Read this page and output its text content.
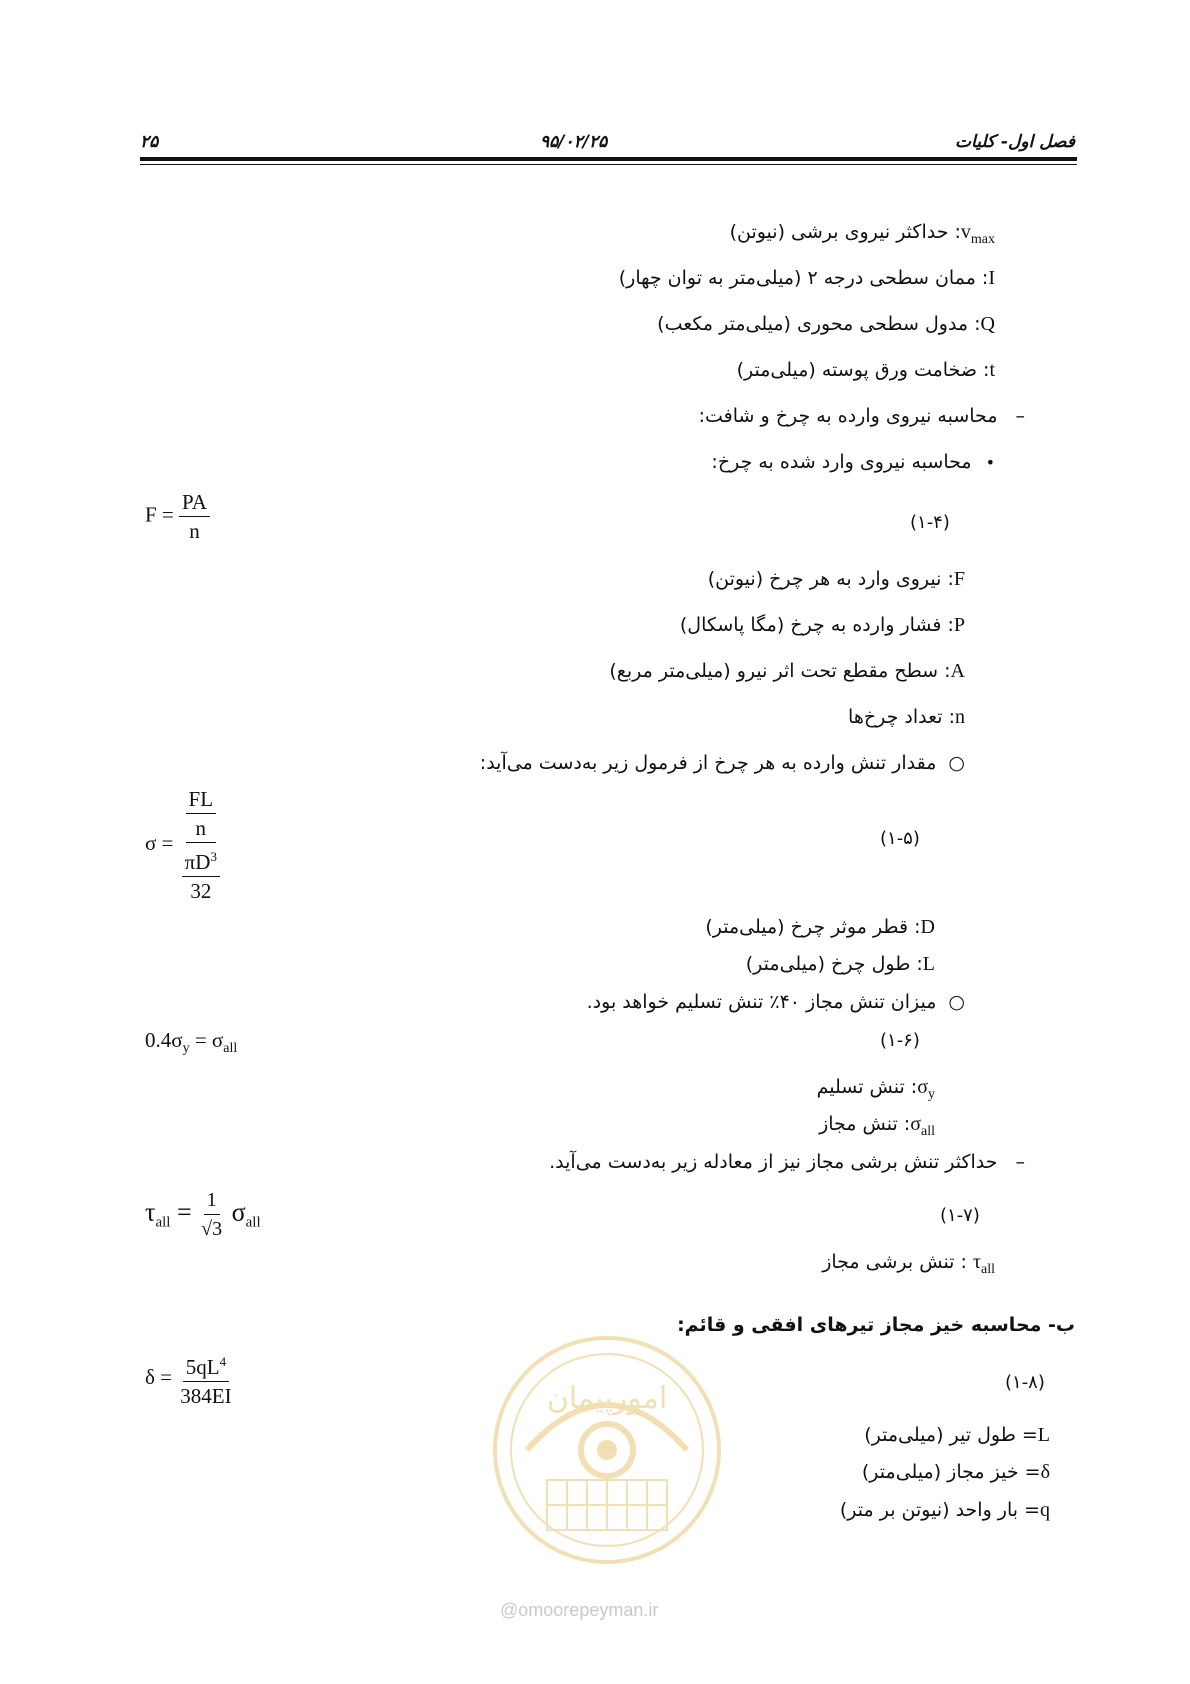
۲۵	۹۵/۰۲/۲۵	فصل اول- کلیات
$v_{max}$: حداکثر نیروی برشی (نیوتن)
I: ممان سطحی درجه ۲ (میلی‌متر به توان چهار)
Q: مدول سطحی محوری (میلی‌متر مکعب)
t: ضخامت ورق پوسته (میلی‌متر)
–محاسبه نیروی وارده به چرخ و شافت:
•محاسبه نیروی وارد شده به چرخ:
$F = \frac{PA}{n}$	(۱-۴)
F: نیروی وارد به هر چرخ (نیوتن)
P: فشار وارده به چرخ (مگا پاسکال)
A: سطح مقطع تحت اثر نیرو (میلی‌متر مربع)
n: تعداد چرخ‌ها
○مقدار تنش وارده به هر چرخ از فرمول زیر به‌دست می‌آید:
$\sigma = \frac{\frac{FL}{n}}{\frac{\pi D^3}{32}}$	(۱-۵)
D: قطر موثر چرخ (میلی‌متر)
L: طول چرخ (میلی‌متر)
○میزان تنش مجاز ۴۰٪ تنش تسلیم خواهد بود.
$0.4\sigma_y = \sigma_{all}$	(۱-۶)
$\sigma_y$: تنش تسلیم
$\sigma_{all}$: تنش مجاز
–حداکثر تنش برشی مجاز نیز از معادله زیر به‌دست می‌آید.
$\tau_{all} = \frac{1}{√3} \sigma_{all}$	(۱-۷)
$\tau_{all}$ : تنش برشی مجاز
ب- محاسبه خیز مجاز تیرهای افقی و قائم:
$\delta = \frac{5qL^4}{384EI}$	(۱-۸)
L= طول تیر (میلی‌متر)
δ= خیز مجاز (میلی‌متر)
q= بار واحد (نیوتن بر متر)
امورپیمان
@omoorepeyman.ir
